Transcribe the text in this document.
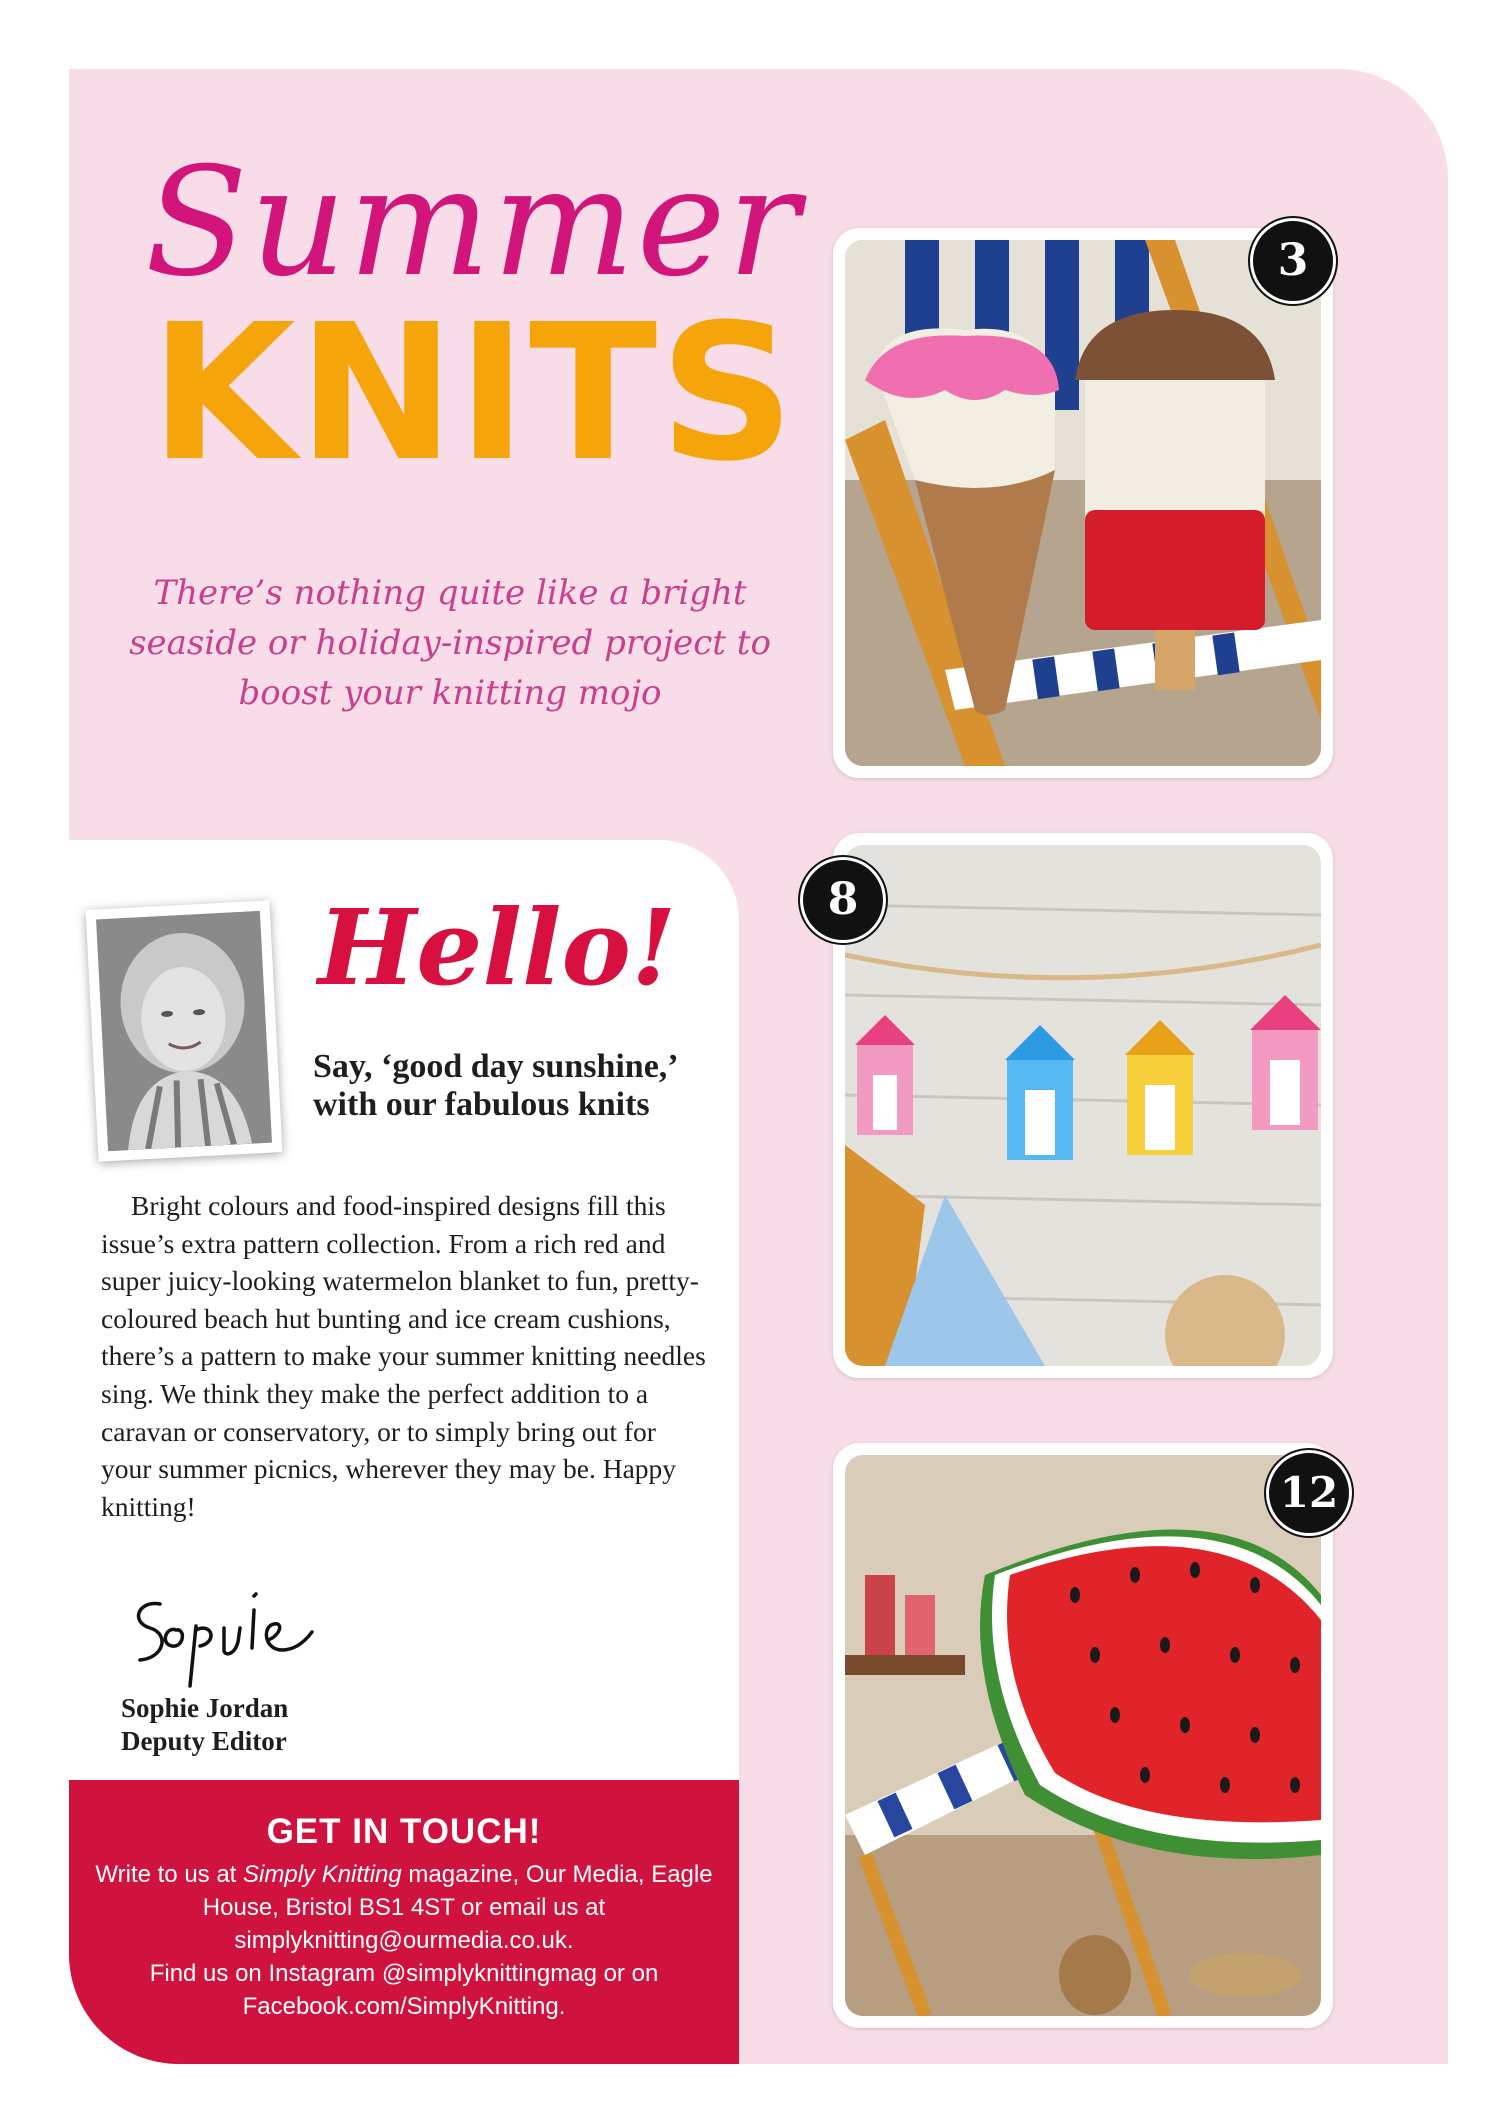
Summer
KNITS
There’s nothing quite like a bright seaside or holiday-inspired project to boost your knitting mojo
Hello!
Say, ‘good day sunshine,’ with our fabulous knits
Bright colours and food-inspired designs fill this issue’s extra pattern collection. From a rich red and super juicy-looking watermelon blanket to fun, pretty-coloured beach hut bunting and ice cream cushions, there’s a pattern to make your summer knitting needles sing. We think they make the perfect addition to a caravan or conservatory, or to simply bring out for your summer picnics, wherever they may be. Happy knitting!
Sophie Jordan
Deputy Editor
GET IN TOUCH!
Write to us at Simply Knitting magazine, Our Media, Eagle House, Bristol BS1 4ST or email us at simplyknitting@ourmedia.co.uk.
Find us on Instagram @simplyknittingmag or on Facebook.com/SimplyKnitting.
3
8
12
